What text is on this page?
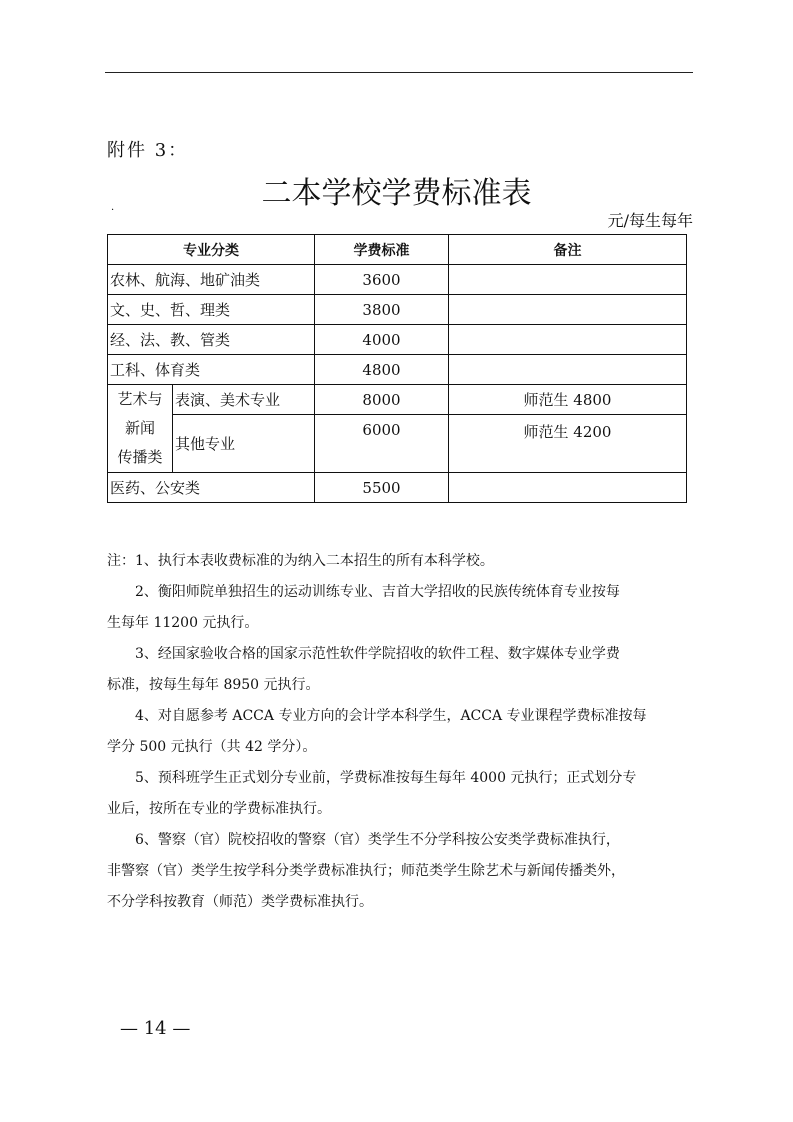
附件 3：
二本学校学费标准表
·
元/每生每年
专业分类		学费标准	备注
农林、航海、地矿油类		3600	
文、史、哲、理类		3800	
经、法、教、管类		4000	
工科、体育类		4800	

艺术与
新闻
传播类	表演、美术专业	8000	师范生 4800
	其他专业	6000	师范生 4200
医药、公安类		5500	
注：1、执行本表收费标准的为纳入二本招生的所有本科学校。
2、衡阳师院单独招生的运动训练专业、吉首大学招收的民族传统体育专业按每
生每年 11200 元执行。
3、经国家验收合格的国家示范性软件学院招收的软件工程、数字媒体专业学费
标准，按每生每年 8950 元执行。
4、对自愿参考 ACCA 专业方向的会计学本科学生，ACCA 专业课程学费标准按每
学分 500 元执行（共 42 学分）。
5、预科班学生正式划分专业前，学费标准按每生每年 4000 元执行；正式划分专
业后，按所在专业的学费标准执行。
6、警察（官）院校招收的警察（官）类学生不分学科按公安类学费标准执行，
非警察（官）类学生按学科分类学费标准执行；师范类学生除艺术与新闻传播类外，
不分学科按教育（师范）类学费标准执行。
— 14 —
